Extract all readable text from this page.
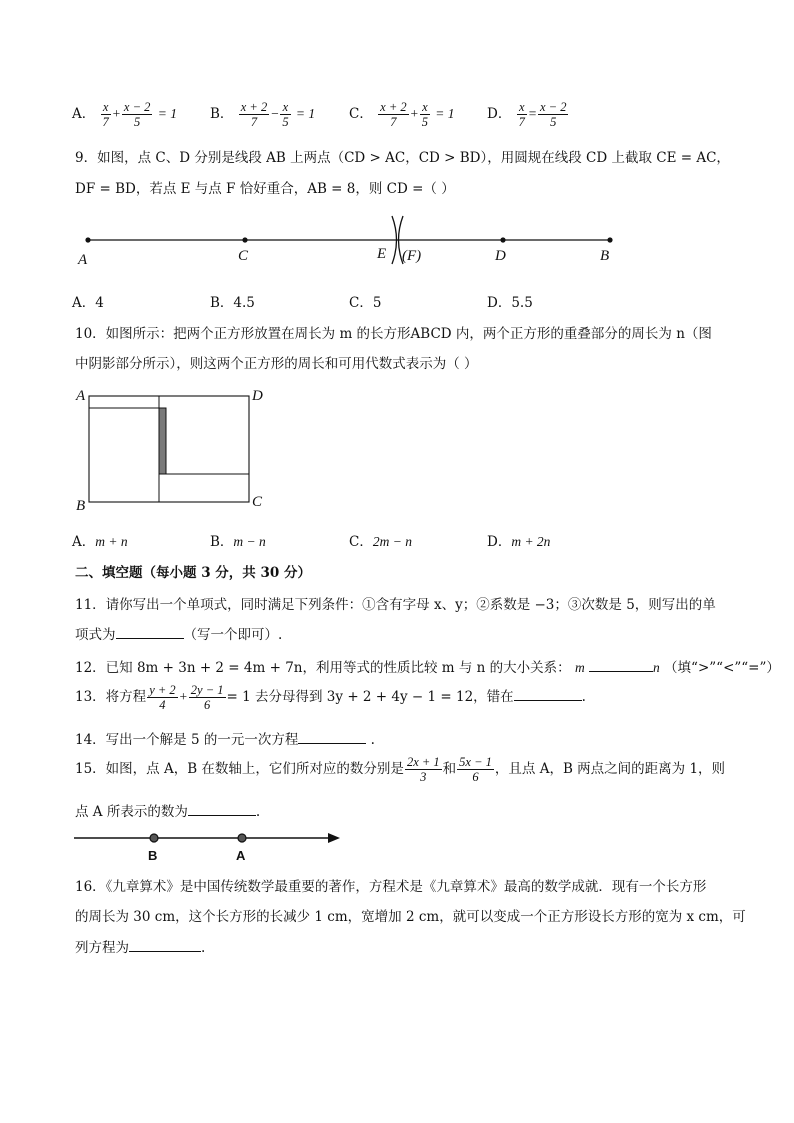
A． $\frac{x}{7} + \frac{x - 2}{5} = 1$ B． $\frac{x + 2}{7} - \frac{x}{5} = 1$	C． $\frac{x + 2}{7} + \frac{x}{5} = 1$ D． $\frac{x}{7} = \frac{x - 2}{5}$
9．如图，点 C、D 分别是线段 AB 上两点（CD > AC，CD > BD），用圆规在线段 CD 上截取 CE = AC，
DF = BD，若点 E 与点 F 恰好重合，AB = 8，则 CD =（ ）
A	C	E (F)	D	B
A．4	B．4.5	C．5	D．5.5
10．如图所示：把两个正方形放置在周长为 m 的长方形ABCD 内，两个正方形的重叠部分的周长为 n（图
中阴影部分所示），则这两个正方形的周长和可用代数式表示为（ ）
A	D
B	C
A．m + n	B．m − n	C．2m − n	D．m + 2n
二、填空题（每小题 3 分，共 30 分）
11．请你写出一个单项式，同时满足下列条件：①含有字母 x、y；②系数是 −3；③次数是 5，则写出的单
项式为	（写一个即可）.
12．已知 8m + 3n + 2 = 4m + 7n，利用等式的性质比较 m 与 n 的大小关系： m	n （填“>”“<”“=”）
13．将方程 $\frac{y + 2}{4} + \frac{2y - 1}{6} = 1$ 去分母得到 3y + 2 + 4y − 1 = 12，错在	.
14．写出一个解是 5 的一元一次方程	.
15．如图，点 A，B 在数轴上，它们所对应的数分别是 $\frac{2x + 1}{3}$ 和 $\frac{5x - 1}{6}$ ，且点 A，B 两点之间的距离为 1，则
点 A 所表示的数为	.
B	A
16．《九章算术》是中国传统数学最重要的著作，方程术是《九章算术》最高的数学成就．现有一个长方形
的周长为 30 cm，这个长方形的长减少 1 cm，宽增加 2 cm，就可以变成一个正方形设长方形的宽为 x cm，可
列方程为	.
